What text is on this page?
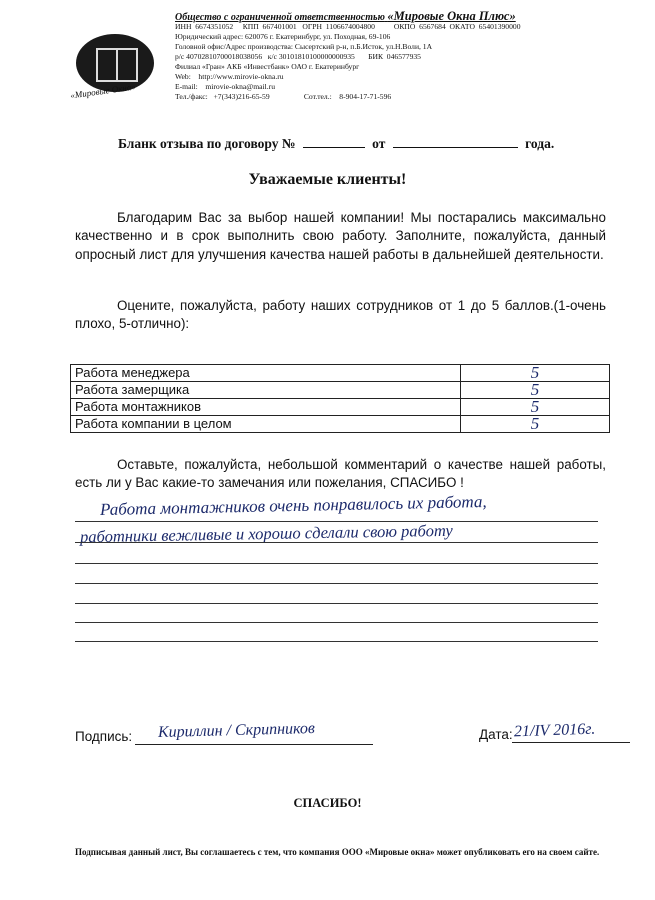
«Мировые Окна»
Общество с ограниченной ответственностью «Мировые Окна Плюс»
ИНН  6674351052     КПП  667401001   ОГРН  1106674004800          ОКПО  6567684  ОКАТО  65401390000
Юридический адрес: 620076 г. Екатеринбург, ул. Походная, 69-106
Головной офис/Адрес производства: Сысертский р-н, п.Б.Исток, ул.Н.Воли, 1А
р/с 40702810700018038056   к/с 30101810100000000935       БИК  046577935
Филиал «Гран» АКБ «Инвестбанк» ОАО г. Екатеринбург
Web:    http://www.mirovie-okna.ru
E-mail:    mirovie-okna@mail.ru
Тел./факс:   +7(343)216-65-59                  Сот.тел.:    8-904-17-71-596
Бланк отзыва по договору №	от	года.
Уважаемые клиенты!
Благодарим Вас за выбор нашей компании! Мы постарались максимально качественно и в срок выполнить свою работу. Заполните, пожалуйста, данный опросный лист для улучшения качества нашей работы в дальнейшей деятельности.
Оцените, пожалуйста, работу наших сотрудников от 1 до 5 баллов.(1-очень плохо, 5-отлично):
Работа менеджера	5
Работа замерщика	5
Работа монтажников	5
Работа компании в целом	5
Оставьте, пожалуйста, небольшой комментарий о качестве нашей работы, есть ли у Вас какие-то замечания или пожелания, СПАСИБО !
Работа монтажников очень понравилось их работа,
работники вежливые и хорошо сделали свою работу
Подпись: Кириллин / Скрипников	Дата: 21/IV 2016г.
СПАСИБО!
Подписывая данный лист, Вы соглашаетесь с тем, что компания ООО «Мировые окна» может опубликовать его на своем сайте.
